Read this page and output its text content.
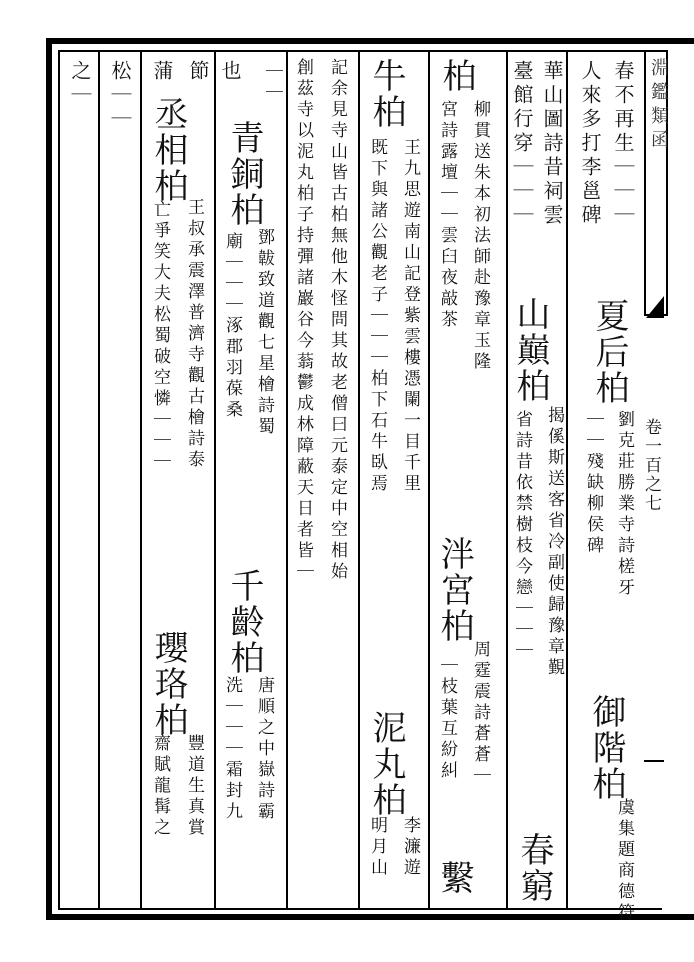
淵鑑類函
卷一百之七
春不再生｜｜｜
人來多打李邕碑
夏后柏
劉克莊勝業寺詩槎牙
｜｜殘缺柳侯碑
御階柏
虞集題商德符
華山圖詩昔祠雲
臺館行穿｜｜｜
山巔柏
揭傒斯送客省冷副使歸豫章覲
省詩昔依禁樹枝今戀｜｜｜
春窮
柏
柳貫送朱本初法師赴豫章玉隆
宮詩露壇｜｜雲臼夜敲茶
泮宮柏
周霆震詩蒼蒼｜
｜枝葉互紛糾
繫
牛柏
王九思遊南山記登紫雲樓憑闌一目千里
既下與諸公觀老子｜｜｜柏下石牛臥焉
泥丸柏
李濂遊
明月山
記余見寺山皆古柏無他木怪問其故老僧曰元泰定中空相始
創茲寺以泥丸柏子持彈諸巖谷今蓊鬱成林障蔽天日者皆｜
｜｜
青銅柏
鄧韍致道觀七星檜詩蜀
廟｜｜｜涿郡羽葆桑
千齡柏
唐順之中嶽詩霸
洗｜｜｜霜封九
也
節
蒲
丞相柏
王叔承震澤普濟寺觀古檜詩泰
亡爭笑大夫松蜀破空憐｜｜｜
瓔珞柏
豐道生真賞
齋賦龍髯之
松｜｜
之｜
